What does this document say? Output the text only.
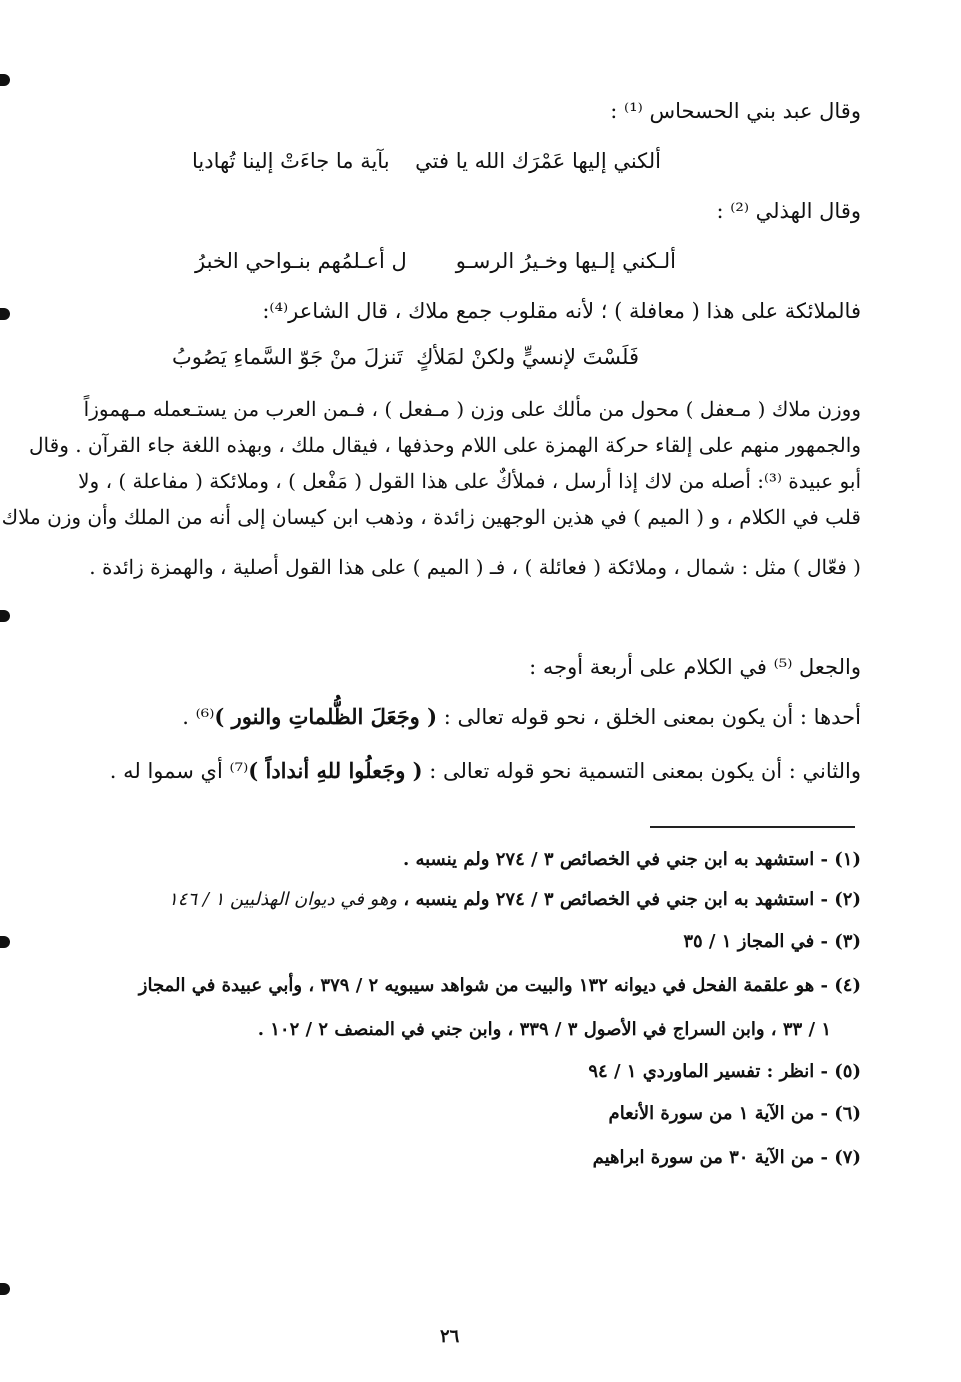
وقال عبد بني الحسحاس ⁽¹⁾ :
ألكني إليها عَمْرَك الله يا فتي
بآية ما جاءَتْ إلينا تُهاديا
وقال الهذلي ⁽²⁾ :
ألـكني إلـيها وخـيرُ الرسـو
ل أعـلمُهم بنـواحي الخبرُ
فالملائكة على هذا ( معافلة ) ؛ لأنه مقلوب جمع ملاك ، قال الشاعر⁽⁴⁾:
فَلَسْتَ لإنسيٍّ ولكنْ لمَلأكٍ
تَنزلَ منْ جَوّ السَّماءِ يَصُوبُ
ووزن ملاك ( مـعفل ) محول من مألك على وزن ( مـفعل ) ، فـمن العرب من يستـعمله مـهموزاً
والجمهور منهم على إلقاء حركة الهمزة على اللام وحذفها ، فيقال ملك ، وبهذه اللغة جاء القرآن . وقال
أبو عبيدة ⁽³⁾: أصله من لاك إذا أرسل ، فملأكٌ على هذا القول ( مَفْعل ) ، وملائكة ( مفاعلة ) ، ولا
قلب في الكلام ، و ( الميم ) في هذين الوجهين زائدة ، وذهب ابن كيسان إلى أنه من الملك وأن وزن ملاك
( فعّال ) مثل : شمال ، وملائكة ( فعائلة ) ، فـ ( الميم ) على هذا القول أصلية ، والهمزة زائدة .
والجعل ⁽⁵⁾ في الكلام على أربعة أوجه :
أحدها : أن يكون بمعنى الخلق ، نحو قوله تعالى : ( وجَعَلَ الظُّلماتِ والنور )⁽⁶⁾ .
والثاني : أن يكون بمعنى التسمية نحو قوله تعالى : ( وجَعلُوا للهِ أنداداً )⁽⁷⁾ أي سموا له .
(١) - استشهد به ابن جني في الخصائص ٣ / ٢٧٤ ولم ينسبه .
(٢) - استشهد به ابن جني في الخصائص ٣ / ٢٧٤ ولم ينسبه ، وهو في ديوان الهذليين ١ / ١٤٦
(٣) - في المجاز ١ / ٣٥
(٤) - هو علقمة الفحل في ديوانه ١٣٢ والبيت من شواهد سيبويه ٢ / ٣٧٩ ، وأبي عبيدة في المجاز
١ / ٣٣ ، وابن السراج في الأصول ٣ / ٣٣٩ ، وابن جني في المنصف ٢ / ١٠٢ .
(٥) - انظر : تفسير الماوردي ١ / ٩٤
(٦) - من الآية ١ من سورة الأنعام
(٧) - من الآية ٣٠ من سورة ابراهيم
٢٦
